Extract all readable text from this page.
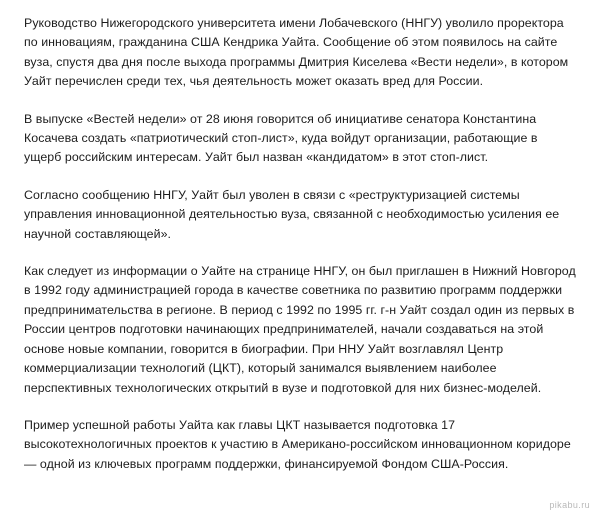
Руководство Нижегородского университета имени Лобачевского (ННГУ) уволило проректора по инновациям, гражданина США Кендрика Уайта. Сообщение об этом появилось на сайте вуза, спустя два дня после выхода программы Дмитрия Киселева «Вести недели», в котором Уайт перечислен среди тех, чья деятельность может оказать вред для России.

В выпуске «Вестей недели» от 28 июня говорится об инициативе сенатора Константина Косачева создать «патриотический стоп-лист», куда войдут организации, работающие в ущерб российским интересам. Уайт был назван «кандидатом» в этот стоп-лист.

Согласно сообщению ННГУ, Уайт был уволен в связи с «реструктуризацией системы управления инновационной деятельностью вуза, связанной с необходимостью усиления ее научной составляющей».

Как следует из информации о Уайте на странице ННГУ, он был приглашен в Нижний Новгород в 1992 году администрацией города в качестве советника по развитию программ поддержки предпринимательства в регионе. В период с 1992 по 1995 гг. г-н Уайт создал один из первых в России центров подготовки начинающих предпринимателей, начали создаваться на этой основе новые компании, говорится в биографии. При ННУ Уайт возглавлял Центр коммерциализации технологий (ЦКТ), который занимался выявлением наиболее перспективных технологических открытий в вузе и подготовкой для них бизнес-моделей.

Пример успешной работы Уайта как главы ЦКТ называется подготовка 17 высокотехнологичных проектов к участию в Американо-российском инновационном коридоре — одной из ключевых программ поддержки, финансируемой Фондом США-Россия.

pikabu.ru
